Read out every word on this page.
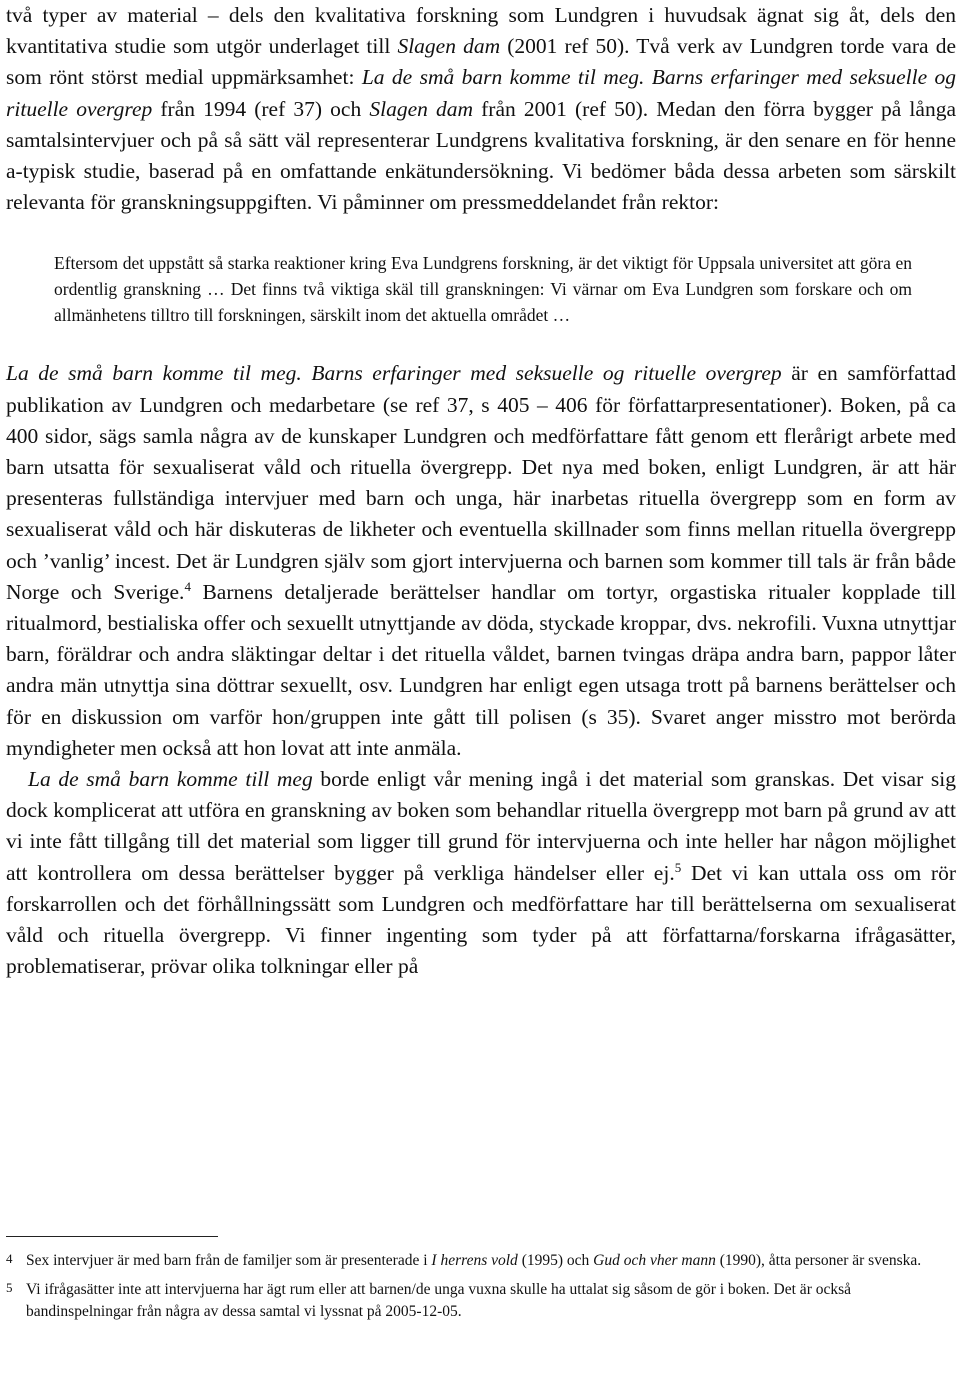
två typer av material – dels den kvalitativa forskning som Lundgren i huvudsak ägnat sig åt, dels den kvantitativa studie som utgör underlaget till Slagen dam (2001 ref 50). Två verk av Lundgren torde vara de som rönt störst medial uppmärksamhet: La de små barn komme til meg. Barns erfaringer med seksuelle og rituelle overgrep från 1994 (ref 37) och Slagen dam från 2001 (ref 50). Medan den förra bygger på långa samtalsintervjuer och på så sätt väl representerar Lundgrens kvalitativa forskning, är den senare en för henne a-typisk studie, baserad på en omfattande enkätundersökning. Vi bedömer båda dessa arbeten som särskilt relevanta för granskningsuppgiften. Vi påminner om pressmeddelandet från rektor:

Eftersom det uppstått så starka reaktioner kring Eva Lundgrens forskning, är det viktigt för Uppsala universitet att göra en ordentlig granskning … Det finns två viktiga skäl till granskningen: Vi värnar om Eva Lundgren som forskare och om allmänhetens tilltro till forskningen, särskilt inom det aktuella området …

La de små barn komme til meg. Barns erfaringer med seksuelle og rituelle overgrep är en samförfattad publikation av Lundgren och medarbetare (se ref 37, s 405 – 406 för författarpresentationer). Boken, på ca 400 sidor, sägs samla några av de kunskaper Lundgren och medförfattare fått genom ett flerårigt arbete med barn utsatta för sexualiserat våld och rituella övergrepp. Det nya med boken, enligt Lundgren, är att här presenteras fullständiga intervjuer med barn och unga, här inarbetas rituella övergrepp som en form av sexualiserat våld och här diskuteras de likheter och eventuella skillnader som finns mellan rituella övergrepp och ’vanlig’ incest. Det är Lundgren själv som gjort intervjuerna och barnen som kommer till tals är från både Norge och Sverige.$^4$ Barnens detaljerade berättelser handlar om tortyr, orgastiska ritualer kopplade till ritualmord, bestialiska offer och sexuellt utnyttjande av döda, styckade kroppar, dvs. nekrofili. Vuxna utnyttjar barn, föräldrar och andra släktingar deltar i det rituella våldet, barnen tvingas dräpa andra barn, pappor låter andra män utnyttja sina döttrar sexuellt, osv. Lundgren har enligt egen utsaga trott på barnens berättelser och för en diskussion om varför hon/gruppen inte gått till polisen (s 35). Svaret anger misstro mot berörda myndigheter men också att hon lovat att inte anmäla.

La de små barn komme till meg borde enligt vår mening ingå i det material som granskas. Det visar sig dock komplicerat att utföra en granskning av boken som behandlar rituella övergrepp mot barn på grund av att vi inte fått tillgång till det material som ligger till grund för intervjuerna och inte heller har någon möjlighet att kontrollera om dessa berättelser bygger på verkliga händelser eller ej.$^5$ Det vi kan uttala oss om rör forskarrollen och det förhållningssätt som Lundgren och medförfattare har till berättelserna om sexualiserat våld och rituella övergrepp. Vi finner ingenting som tyder på att författarna/forskarna ifrågasätter, problematiserar, prövar olika tolkningar eller på

4 Sex intervjuer är med barn från de familjer som är presenterade i I herrens vold (1995) och Gud och vher mann (1990), åtta personer är svenska.
5 Vi ifrågasätter inte att intervjuerna har ägt rum eller att barnen/de unga vuxna skulle ha uttalat sig såsom de gör i boken. Det är också bandinspelningar från några av dessa samtal vi lyssnat på 2005-12-05.
